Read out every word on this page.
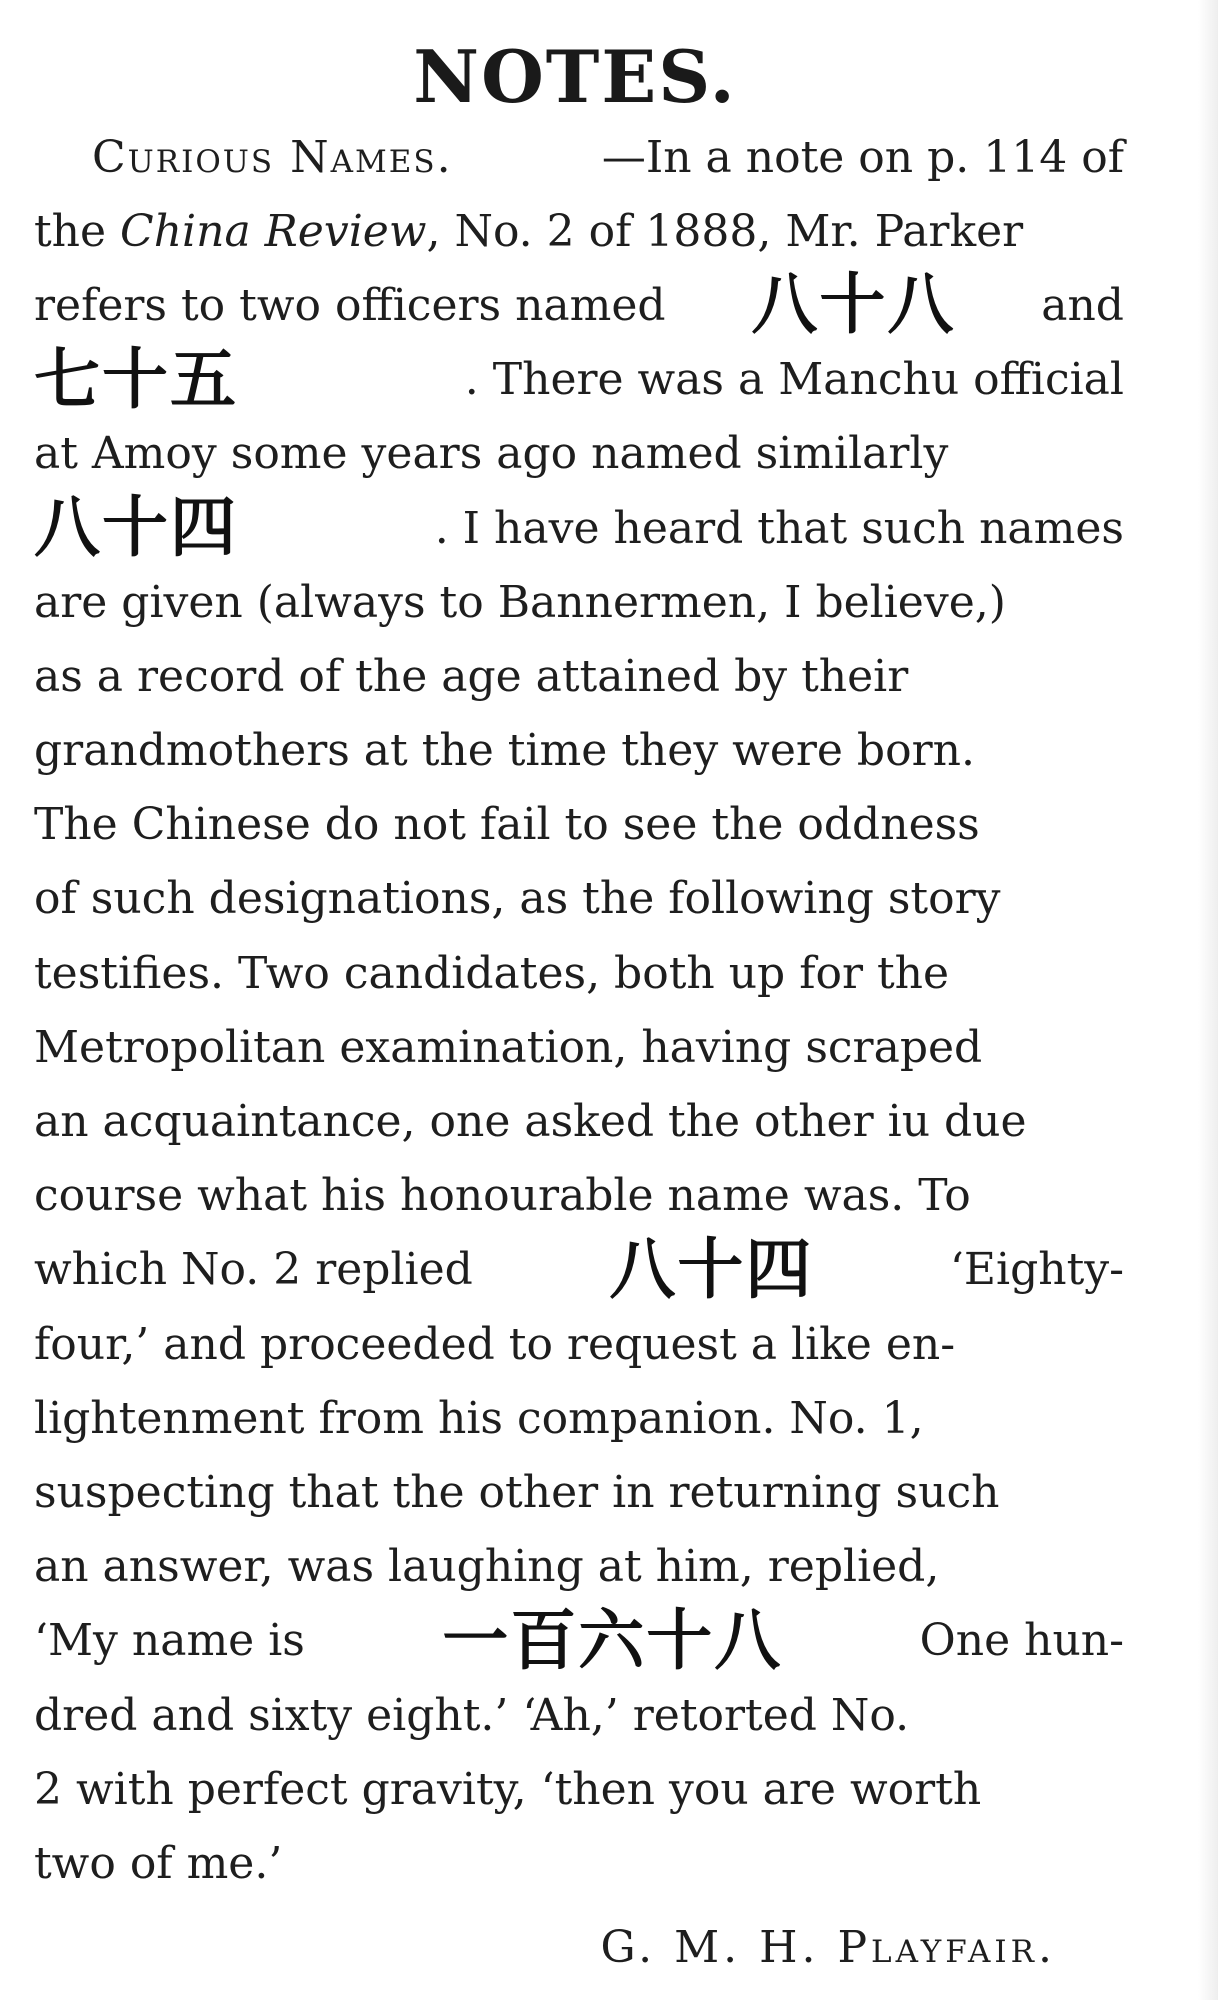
NOTES.
Curious Names.	—In a note on p. 114 of
the China Review, No. 2 of 1888, Mr. Parker
refers to two officers named 八十八 and
七十五	. There was a Manchu official
at Amoy some years ago named similarly
八十四	. I have heard that such names
are given (always to Bannermen, I believe,)
as a record of the age attained by their
grandmothers at the time they were born.
The Chinese do not fail to see the oddness
of such designations, as the following story
testifies. Two candidates, both up for the
Metropolitan examination, having scraped
an acquaintance, one asked the other iu due
course what his honourable name was. To
which No. 2 replied 八十四	‘Eighty-
four,’ and proceeded to request a like en-
lightenment from his companion. No. 1,
suspecting that the other in returning such
an answer, was laughing at him, replied,
‘My name is 一百六十八	One hun-
dred and sixty eight.’ ‘Ah,’ retorted No.
2 with perfect gravity, ‘then you are worth
two of me.’
G. M. H. Playfair.
